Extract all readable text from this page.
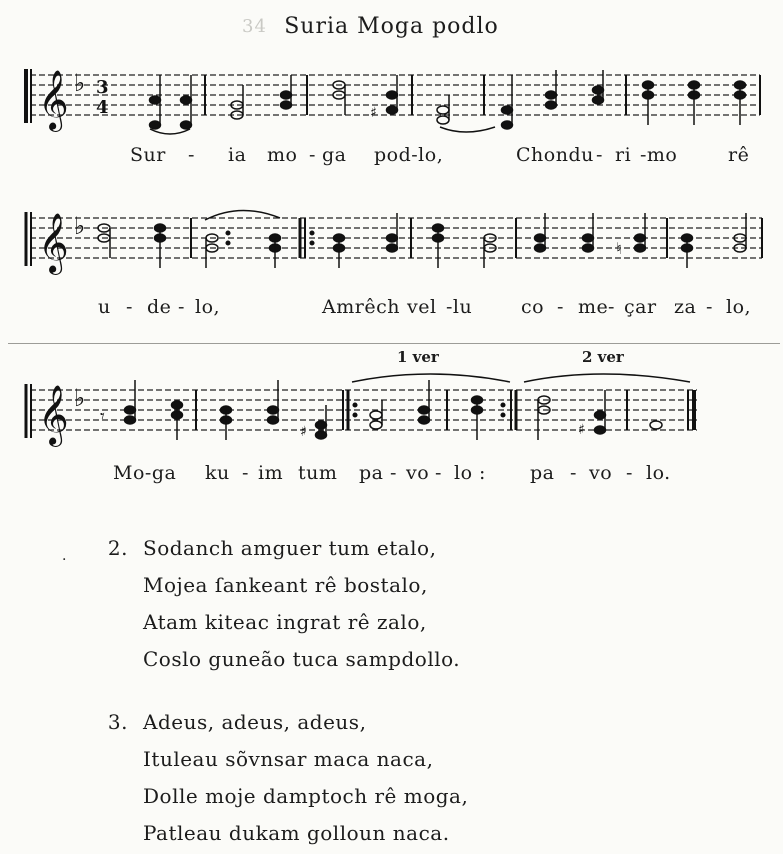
34 Suria Moga podlo
𝄞 ♭ 3
4	♯
Sur - ia mo - ga pod-lo,	Chondu - ri -mo	rê
𝄞 ♭
♮
u - de - lo,	Amrêch vel -lu	co - me - çar za - lo,
1 ver	2 ver
𝄞 ♭
𝄾
♯	♯
Mo-ga ku - im tum pa - vo - lo : pa - vo - lo.
·	2. Sodanch amguer tum etalo,
Mojea ſankeant rê bostalo,
Atam kiteac ingrat rê zalo,
Coslo guneão tuca sampdollo.
3. Adeus, adeus, adeus,
Ituleau sõvnsar maca naca,
Dolle moje damptoch rê moga,
Patleau dukam golloun naca.
